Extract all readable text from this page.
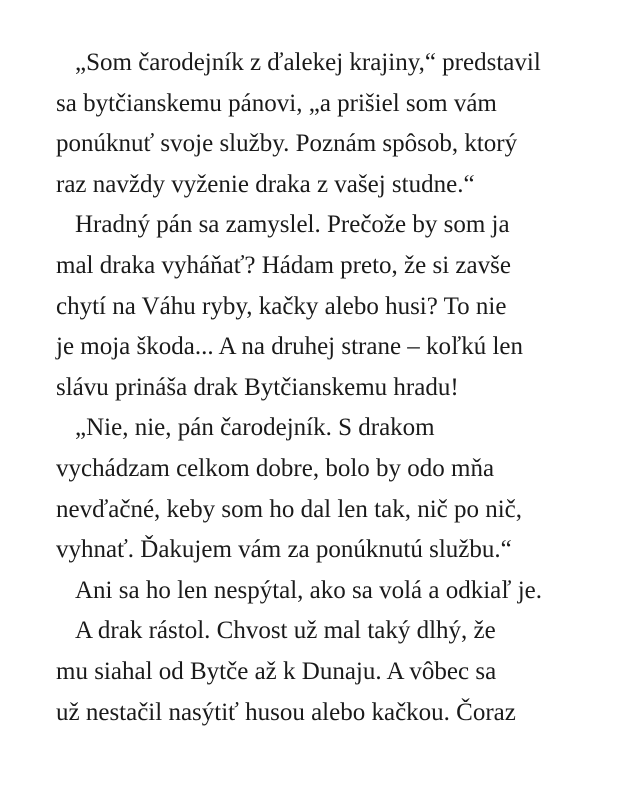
„Som čarodejník z ďalekej krajiny,“ predstavil
sa bytčianskemu pánovi, „a prišiel som vám
ponúknuť svoje služby. Poznám spôsob, ktorý
raz navždy vyženie draka z vašej studne.“
Hradný pán sa zamyslel. Prečože by som ja
mal draka vyháňať? Hádam preto, že si zavše
chytí na Váhu ryby, kačky alebo husi? To nie
je moja škoda... A na druhej strane – koľkú len
slávu prináša drak Bytčianskemu hradu!
„Nie, nie, pán čarodejník. S drakom
vychádzam celkom dobre, bolo by odo mňa
nevďačné, keby som ho dal len tak, nič po nič,
vyhnať. Ďakujem vám za ponúknutú službu.“
Ani sa ho len nespýtal, ako sa volá a odkiaľ je.
A drak rástol. Chvost už mal taký dlhý, že
mu siahal od Bytče až k Dunaju. A vôbec sa
už nestačil nasýtiť husou alebo kačkou. Čoraz
